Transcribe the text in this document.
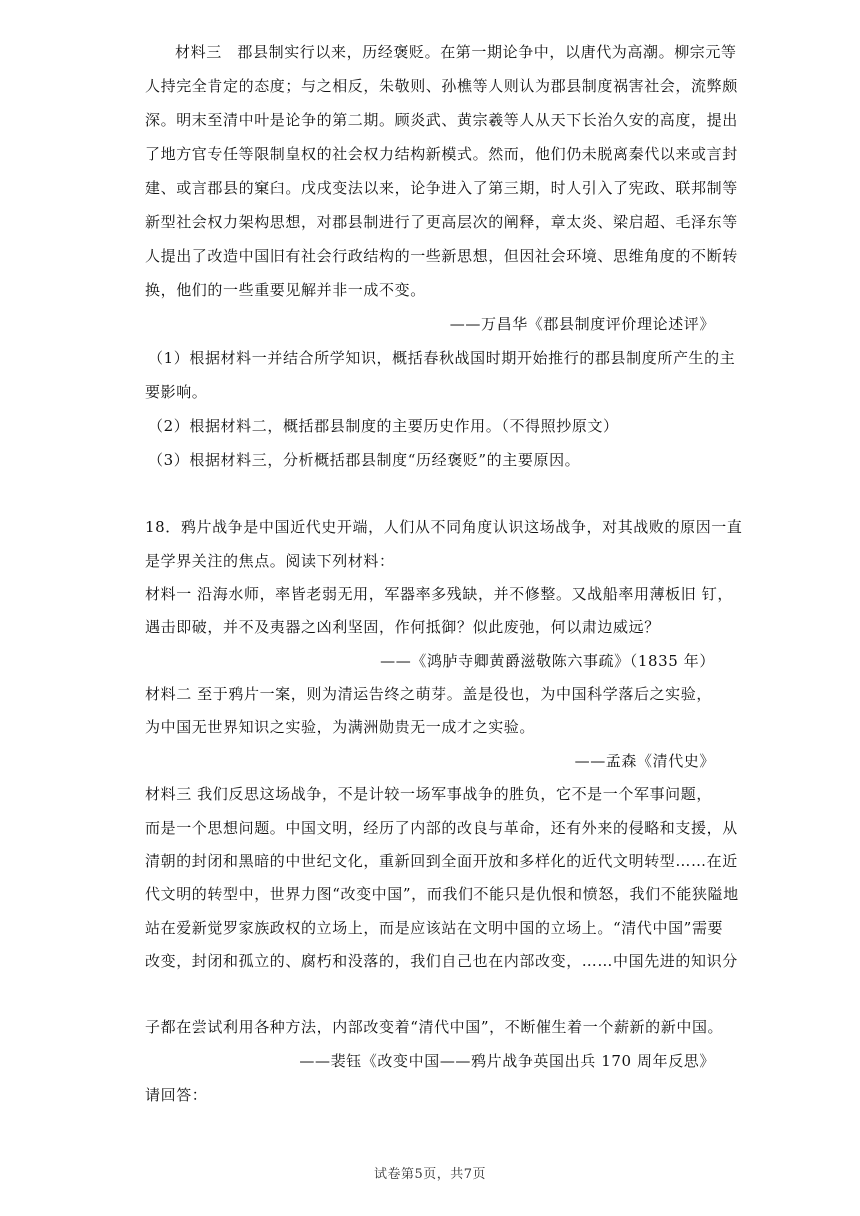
材料三　郡县制实行以来，历经褒贬。在第一期论争中，以唐代为高潮。柳宗元等
人持完全肯定的态度；与之相反，朱敬则、孙樵等人则认为郡县制度祸害社会，流弊颇
深。明末至清中叶是论争的第二期。顾炎武、黄宗羲等人从天下长治久安的高度，提出
了地方官专任等限制皇权的社会权力结构新模式。然而，他们仍未脱离秦代以来或言封
建、或言郡县的窠臼。戊戌变法以来，论争进入了第三期，时人引入了宪政、联邦制等
新型社会权力架构思想，对郡县制进行了更高层次的阐释，章太炎、梁启超、毛泽东等
人提出了改造中国旧有社会行政结构的一些新思想，但因社会环境、思维角度的不断转
换，他们的一些重要见解并非一成不变。
——万昌华《郡县制度评价理论述评》
（1）根据材料一并结合所学知识，概括春秋战国时期开始推行的郡县制度所产生的主
要影响。
（2）根据材料二，概括郡县制度的主要历史作用。（不得照抄原文）
（3）根据材料三，分析概括郡县制度“历经褒贬”的主要原因。
18．鸦片战争是中国近代史开端，人们从不同角度认识这场战争，对其战败的原因一直
是学界关注的焦点。阅读下列材料：
材料一 沿海水师，率皆老弱无用，军器率多残缺，并不修整。又战船率用薄板旧 钉，
遇击即破，并不及夷器之凶利坚固，作何抵御？似此废弛，何以肃边威远？
——《鸿胪寺卿黄爵滋敬陈六事疏》（1835 年）
材料二 至于鸦片一案，则为清运告终之萌芽。盖是役也，为中国科学落后之实验，
为中国无世界知识之实验，为满洲勋贵无一成才之实验。
——孟森《清代史》
材料三 我们反思这场战争，不是计较一场军事战争的胜负，它不是一个军事问题，
而是一个思想问题。中国文明，经历了内部的改良与革命，还有外来的侵略和支援，从
清朝的封闭和黑暗的中世纪文化，重新回到全面开放和多样化的近代文明转型……在近
代文明的转型中，世界力图“改变中国”，而我们不能只是仇恨和愤怒，我们不能狭隘地
站在爱新觉罗家族政权的立场上，而是应该站在文明中国的立场上。“清代中国”需要
改变，封闭和孤立的、腐朽和没落的，我们自己也在内部改变，……中国先进的知识分
子都在尝试利用各种方法，内部改变着“清代中国”，不断催生着一个薪新的新中国。
——裴钰《改变中国——鸦片战争英国出兵 170 周年反思》
请回答：
试卷第5页，共7页
